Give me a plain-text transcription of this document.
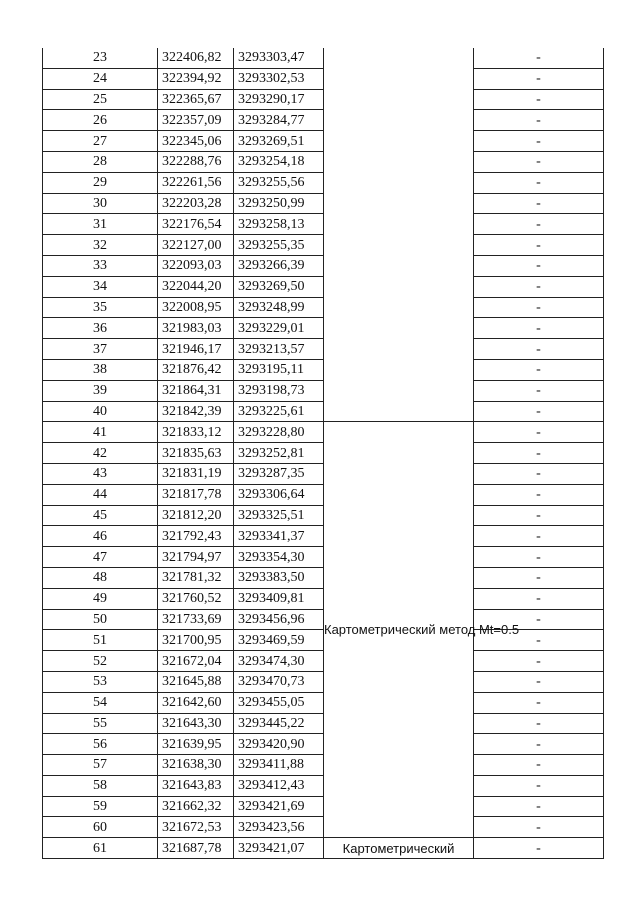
23	322406,82	3293303,47		-
24	322394,92	3293302,53		-
25	322365,67	3293290,17		-
26	322357,09	3293284,77		-
27	322345,06	3293269,51		-
28	322288,76	3293254,18		-
29	322261,56	3293255,56		-
30	322203,28	3293250,99		-
31	322176,54	3293258,13		-
32	322127,00	3293255,35		-
33	322093,03	3293266,39		-
34	322044,20	3293269,50		-
35	322008,95	3293248,99		-
36	321983,03	3293229,01		-
37	321946,17	3293213,57		-
38	321876,42	3293195,11		-
39	321864,31	3293198,73		-
40	321842,39	3293225,61		-
41	321833,12	3293228,80	Картометрический метод Mt=0.5	-
42	321835,63	3293252,81		-
43	321831,19	3293287,35		-
44	321817,78	3293306,64		-
45	321812,20	3293325,51		-
46	321792,43	3293341,37		-
47	321794,97	3293354,30		-
48	321781,32	3293383,50		-
49	321760,52	3293409,81		-
50	321733,69	3293456,96		-
51	321700,95	3293469,59		-
52	321672,04	3293474,30		-
53	321645,88	3293470,73		-
54	321642,60	3293455,05		-
55	321643,30	3293445,22		-
56	321639,95	3293420,90		-
57	321638,30	3293411,88		-
58	321643,83	3293412,43		-
59	321662,32	3293421,69		-
60	321672,53	3293423,56		-
61	321687,78	3293421,07	Картометрический	-
